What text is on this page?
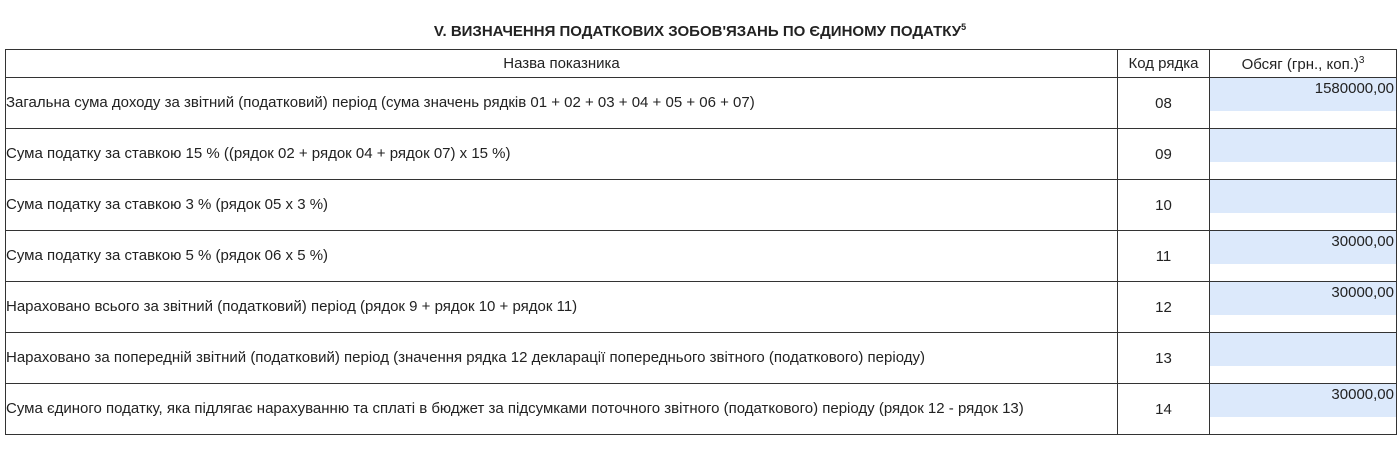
V. ВИЗНАЧЕННЯ ПОДАТКОВИХ ЗОБОВ'ЯЗАНЬ ПО ЄДИНОМУ ПОДАТКУ$^5$
Назва показника	Код рядка	Обсяг (грн., коп.)$^3$
Загальна сума доходу за звітний (податковий) період (сума значень рядків 01 + 02 + 03 + 04 + 05 + 06 + 07)	08	1580000,00

Сума податку за ставкою 15 % ((рядок 02 + рядок 04 + рядок 07) х 15 %)	09	

Сума податку за ставкою 3 % (рядок 05 х 3 %)	10	

Сума податку за ставкою 5 % (рядок 06 х 5 %)	11	30000,00

Нараховано всього за звітний (податковий) період (рядок 9 + рядок 10 + рядок 11)	12	30000,00

Нараховано за попередній звітний (податковий) період (значення рядка 12 декларації попереднього звітного (податкового) періоду)	13	

Сума єдиного податку, яка підлягає нарахуванню та сплаті в бюджет за підсумками поточного звітного (податкового) періоду (рядок 12 - рядок 13)	14	30000,00
